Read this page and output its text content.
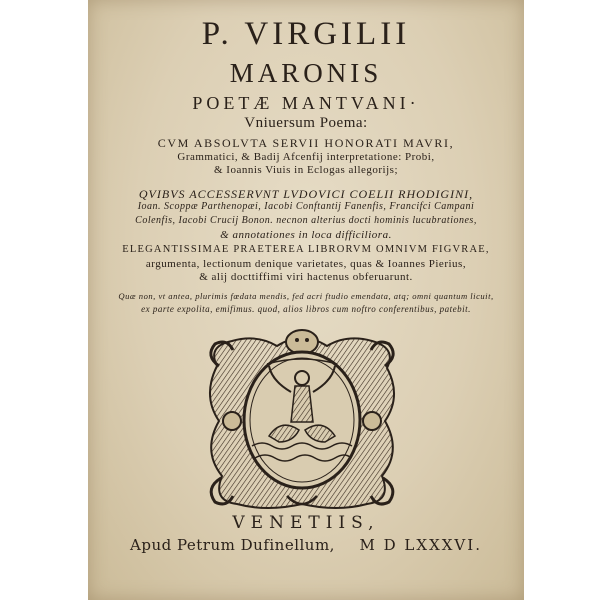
P. VIRGILII
MARONIS
POETÆ MANTVANI·
Vniuersum Poema:
CVM ABSOLVTA SERVII HONORATI MAVRI,
Grammatici, & Badij Afcenfij interpretatione: Probi,
& Ioannis Viuis in Eclogas allegorijs;
QVIBVS ACCESSERVNT LVDOVICI COELII RHODIGINI,
Ioan. Scoppæ Parthenopæi, Iacobi Conftantij Fanenfis, Francifci Campani
Colenfis, Iacobi Crucij Bonon. necnon alterius docti hominis lucubrationes,
& annotationes in loca difficiliora.
ELEGANTISSIMAE PRAETEREA LIBRORVM OMNIVM FIGVRAE,
argumenta, lectionum denique varietates, quas & Ioannes Pierius,
& alij docttiffimi viri hactenus obferuarunt.
Quæ non, vt antea, plurimis fœdata mendis, fed acri ftudio emendata, atq; omni quantum licuit,
ex parte expolita, emifimus. quod, alios libros cum noftro conferentibus, patebit.
VENETIIS,
Apud Petrum Dufinellum, M D LXXXVI.
